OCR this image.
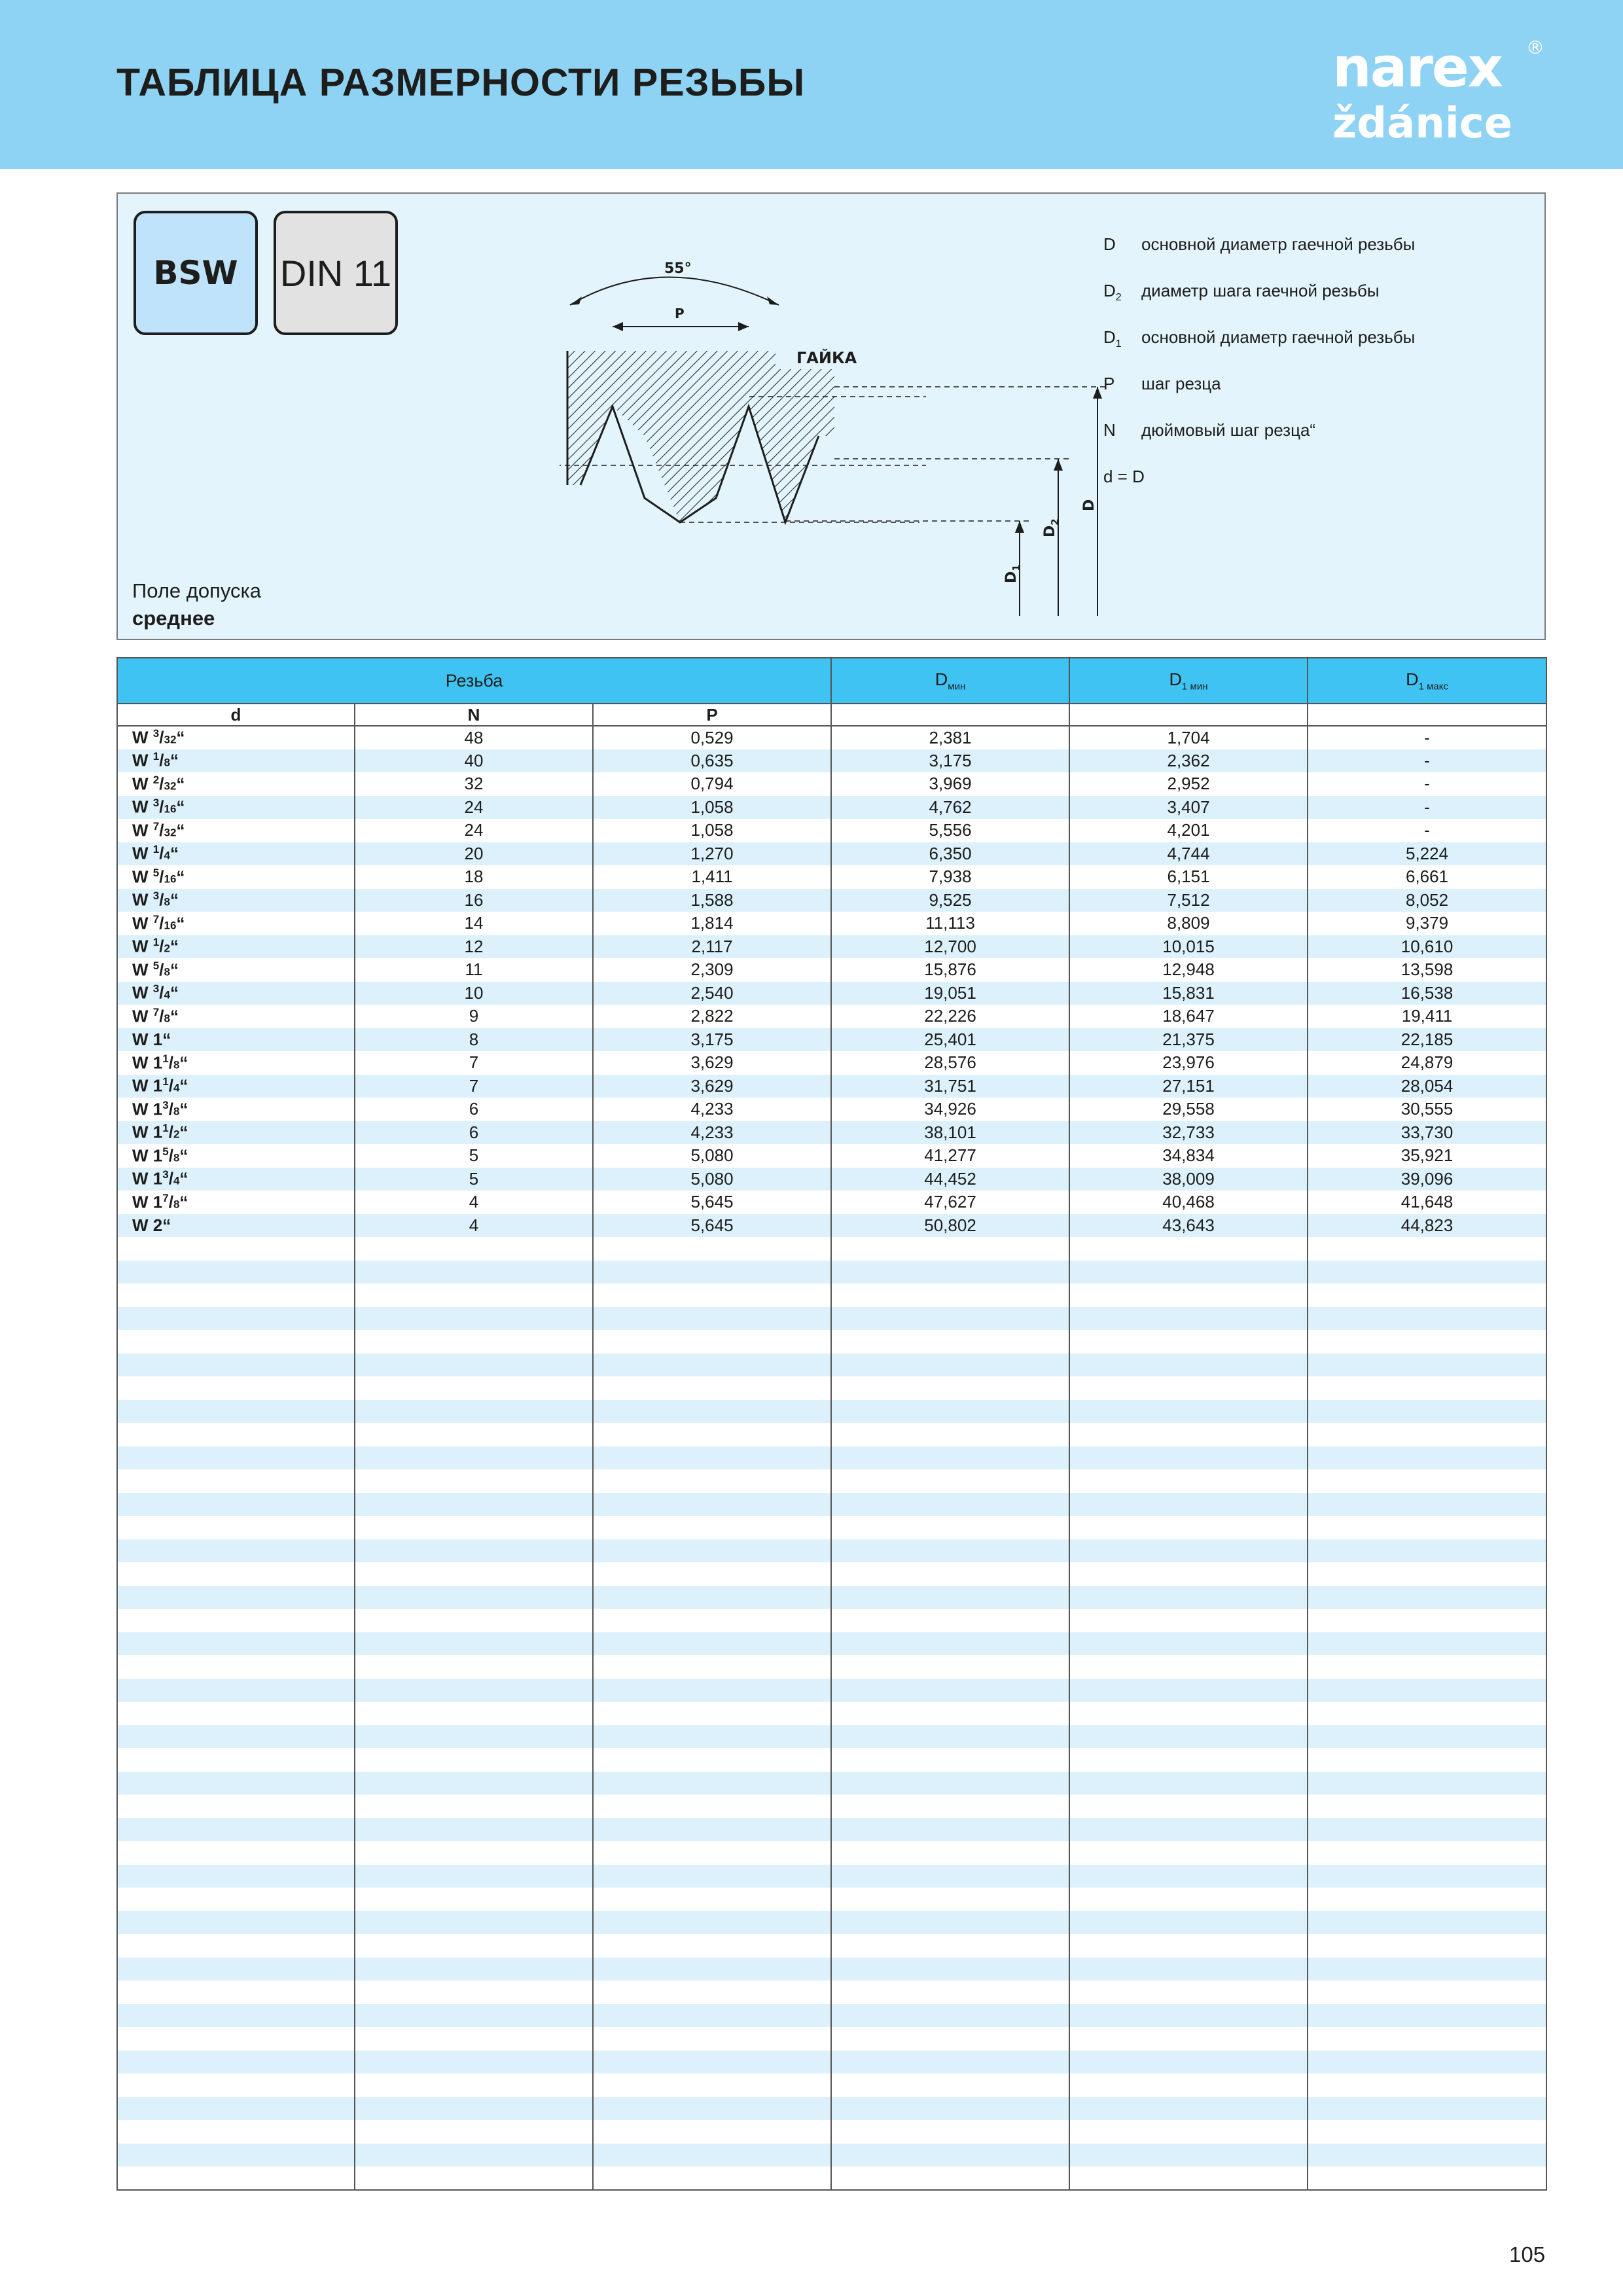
ТАБЛИЦА РАЗМЕРНОСТИ РЕЗЬБЫ	narex
ždánice
®
BSW	DIN 11	55°
P
ГАЙКА
D
$D_2$
$D_1$
D	основной диаметр гаечной резьбы
$D_2$	диаметр шага гаечной резьбы
$D_1$	основной диаметр гаечной резьбы
P	шаг резца
N	дюймовый шаг резца“
d = D
Поле допуска
среднее
Резьба			$D_{мин}$	$D_{1 мин}$	$D_{1 макс}$
d	N	P			
W $^3$/32“	48	0,529	2,381	1,704	-
W $^1$/8“	40	0,635	3,175	2,362	-
W $^2$/32“	32	0,794	3,969	2,952	-
W $^3$/16“	24	1,058	4,762	3,407	-
W $^7$/32“	24	1,058	5,556	4,201	-
W $^1$/4“	20	1,270	6,350	4,744	5,224
W $^5$/16“	18	1,411	7,938	6,151	6,661
W $^3$/8“	16	1,588	9,525	7,512	8,052
W $^7$/16“	14	1,814	11,113	8,809	9,379
W $^1$/2“	12	2,117	12,700	10,015	10,610
W $^5$/8“	11	2,309	15,876	12,948	13,598
W $^3$/4“	10	2,540	19,051	15,831	16,538
W $^7$/8“	9	2,822	22,226	18,647	19,411
W 1“	8	3,175	25,401	21,375	22,185
W $1^1/8“$	7	3,629	28,576	23,976	24,879
W $1^1/4“$	7	3,629	31,751	27,151	28,054
W $1^3/8“$	6	4,233	34,926	29,558	30,555
W $1^1/2“$	6	4,233	38,101	32,733	33,730
W $1^5/8“$	5	5,080	41,277	34,834	35,921
W $1^3/4“$	5	5,080	44,452	38,009	39,096
W $1^7/8“$	4	5,645	47,627	40,468	41,648
W 2“	4	5,645	50,802	43,643	44,823

105
